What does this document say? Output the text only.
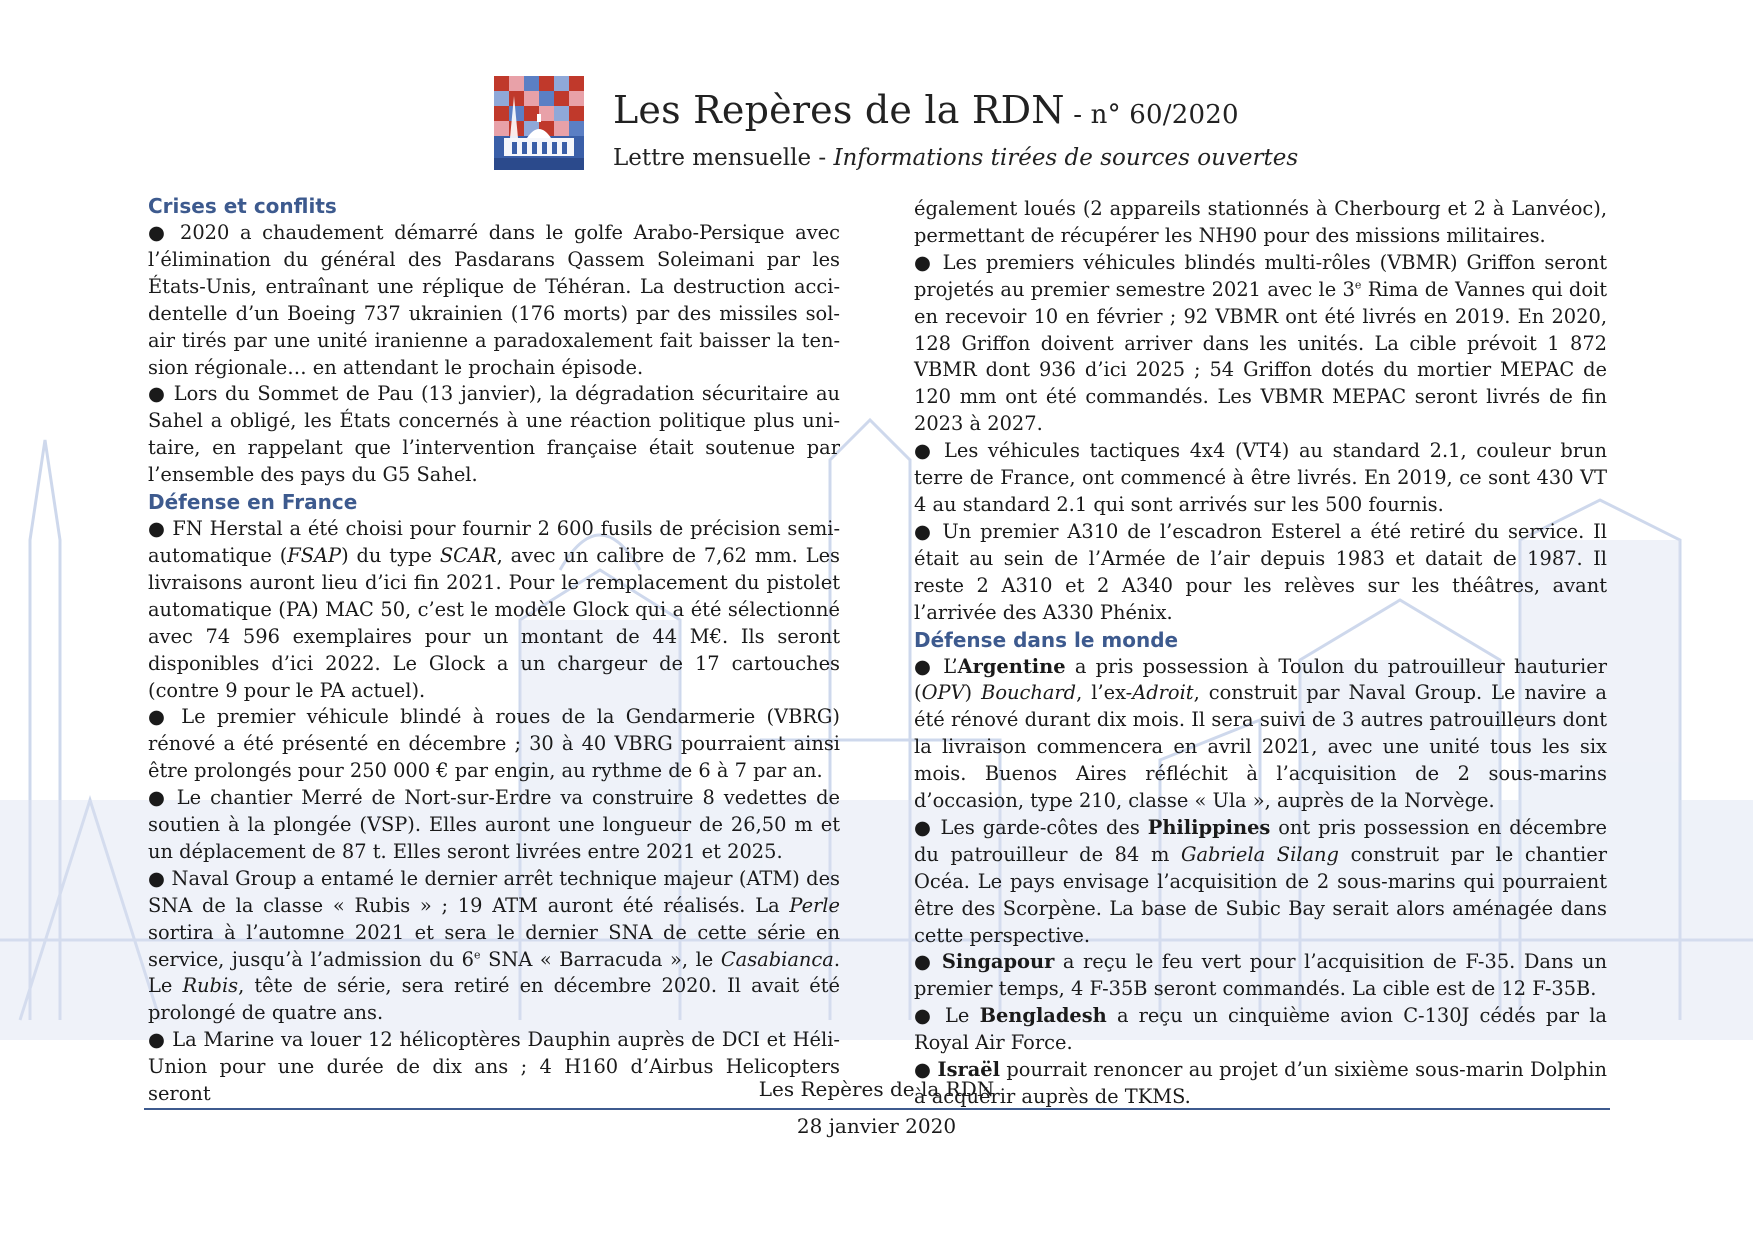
Les Repères de la RDN - n° 60/2020
Lettre mensuelle - Informations tirées de sources ouvertes
Crises et conflits

● 2020 a chaudement démarré dans le golfe Arabo-Persique avec l’élimination du général des Pasdarans Qassem Soleimani par les États-Unis, entraînant une réplique de Téhéran. La destruction accidentelle d’un Boeing 737 ukrainien (176 morts) par des missiles sol-air tirés par une unité iranienne a paradoxalement fait baisser la tension régionale… en attendant le prochain épisode.

● Lors du Sommet de Pau (13 janvier), la dégradation sécuritaire au Sahel a obligé, les États concernés à une réaction politique plus unitaire, en rappelant que l’intervention française était soutenue par l’ensemble des pays du G5 Sahel.

Défense en France

● FN Herstal a été choisi pour fournir 2 600 fusils de précision semi-automatique (FSAP) du type SCAR, avec un calibre de 7,62 mm. Les livraisons auront lieu d’ici fin 2021. Pour le remplacement du pistolet automatique (PA) MAC 50, c’est le modèle Glock qui a été sélectionné avec 74 596 exemplaires pour un montant de 44 M€. Ils seront disponibles d’ici 2022. Le Glock a un chargeur de 17 cartouches (contre 9 pour le PA actuel).

● Le premier véhicule blindé à roues de la Gendarmerie (VBRG) rénové a été présenté en décembre ; 30 à 40 VBRG pourraient ainsi être prolongés pour 250 000 € par engin, au rythme de 6 à 7 par an.

● Le chantier Merré de Nort-sur-Erdre va construire 8 vedettes de soutien à la plongée (VSP). Elles auront une longueur de 26,50 m et un déplacement de 87 t. Elles seront livrées entre 2021 et 2025.

● Naval Group a entamé le dernier arrêt technique majeur (ATM) des SNA de la classe « Rubis » ; 19 ATM auront été réalisés. La Perle sortira à l’automne 2021 et sera le dernier SNA de cette série en service, jusqu’à l’admission du 6e SNA « Barracuda », le Casabianca. Le Rubis, tête de série, sera retiré en décembre 2020. Il avait été prolongé de quatre ans.

● La Marine va louer 12 hélicoptères Dauphin auprès de DCI et Héli-Union pour une durée de dix ans ; 4 H160 d’Airbus Helicopters seront

également loués (2 appareils stationnés à Cherbourg et 2 à Lanvéoc), permettant de récupérer les NH90 pour des missions militaires.

● Les premiers véhicules blindés multi-rôles (VBMR) Griffon seront projetés au premier semestre 2021 avec le 3e Rima de Vannes qui doit en recevoir 10 en février ; 92 VBMR ont été livrés en 2019. En 2020, 128 Griffon doivent arriver dans les unités. La cible prévoit 1 872 VBMR dont 936 d’ici 2025 ; 54 Griffon dotés du mortier MEPAC de 120 mm ont été commandés. Les VBMR MEPAC seront livrés de fin 2023 à 2027.

● Les véhicules tactiques 4x4 (VT4) au standard 2.1, couleur brun terre de France, ont commencé à être livrés. En 2019, ce sont 430 VT 4 au standard 2.1 qui sont arrivés sur les 500 fournis.

● Un premier A310 de l’escadron Esterel a été retiré du service. Il était au sein de l’Armée de l’air depuis 1983 et datait de 1987. Il reste 2 A310 et 2 A340 pour les relèves sur les théâtres, avant l’arrivée des A330 Phénix.

Défense dans le monde

● L’Argentine a pris possession à Toulon du patrouilleur hauturier (OPV) Bouchard, l’ex-Adroit, construit par Naval Group. Le navire a été rénové durant dix mois. Il sera suivi de 3 autres patrouilleurs dont la livraison commencera en avril 2021, avec une unité tous les six mois. Buenos Aires réfléchit à l’acquisition de 2 sous-marins d’occasion, type 210, classe « Ula », auprès de la Norvège.

● Les garde-côtes des Philippines ont pris possession en décembre du patrouilleur de 84 m Gabriela Silang construit par le chantier Océa. Le pays envisage l’acquisition de 2 sous-marins qui pourraient être des Scorpène. La base de Subic Bay serait alors aménagée dans cette perspective.

● Singapour a reçu le feu vert pour l’acquisition de F-35. Dans un premier temps, 4 F-35B seront commandés. La cible est de 12 F-35B.

● Le Bengladesh a reçu un cinquième avion C-130J cédés par la Royal Air Force.

● Israël pourrait renoncer au projet d’un sixième sous-marin Dolphin à acquérir auprès de TKMS.

Les Repères de la RDN
28 janvier 2020
